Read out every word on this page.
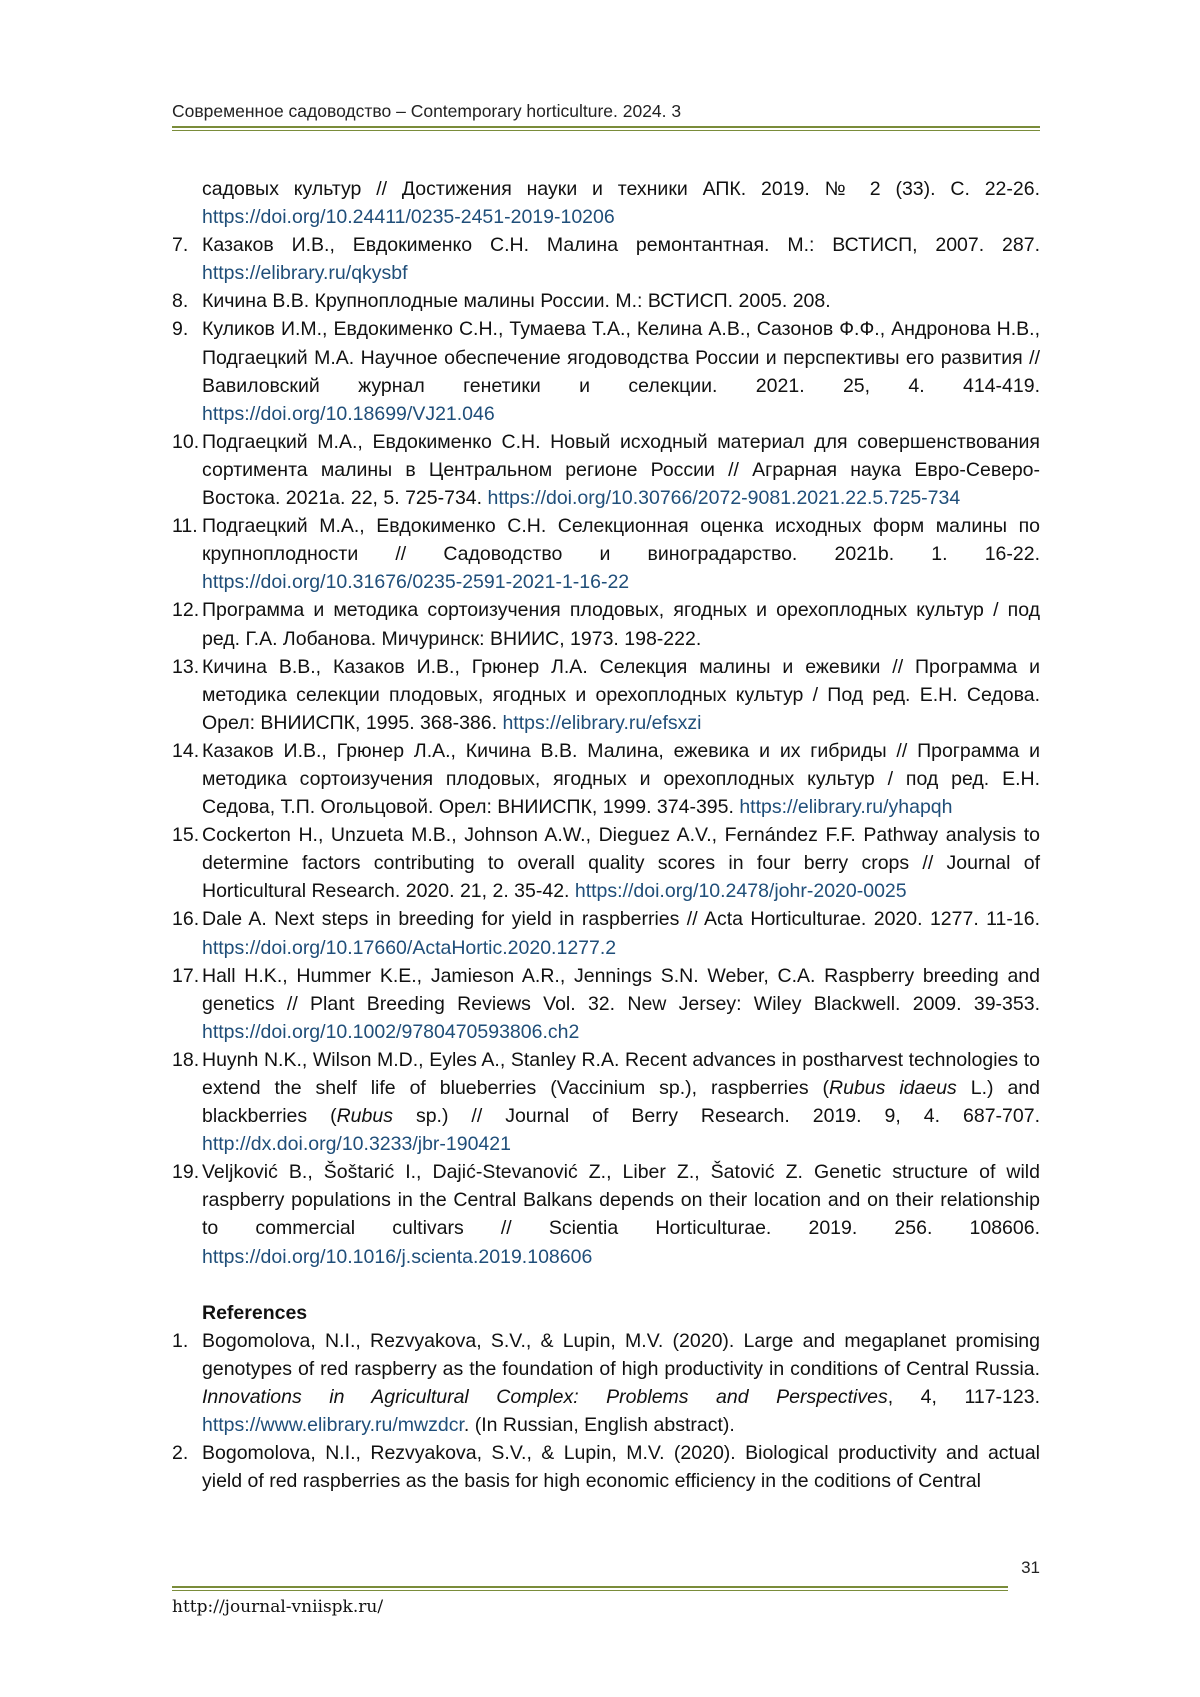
Современное садоводство – Contemporary horticulture. 2024. 3
садовых культур // Достижения науки и техники АПК. 2019. № 2 (33). С. 22-26. https://doi.org/10.24411/0235-2451-2019-10206
7. Казаков И.В., Евдокименко С.Н. Малина ремонтантная. М.: ВСТИСП, 2007. 287. https://elibrary.ru/qkysbf
8. Кичина В.В. Крупноплодные малины России. М.: ВСТИСП. 2005. 208.
9. Куликов И.М., Евдокименко С.Н., Тумаева Т.А., Келина А.В., Сазонов Ф.Ф., Андронова Н.В., Подгаецкий М.А. Научное обеспечение ягодоводства России и перспективы его развития // Вавиловский журнал генетики и селекции. 2021. 25, 4. 414-419. https://doi.org/10.18699/VJ21.046
10. Подгаецкий М.А., Евдокименко С.Н. Новый исходный материал для совершенствования сортимента малины в Центральном регионе России // Аграрная наука Евро-Северо-Востока. 2021a. 22, 5. 725-734. https://doi.org/10.30766/2072-9081.2021.22.5.725-734
11. Подгаецкий М.А., Евдокименко С.Н. Селекционная оценка исходных форм малины по крупноплодности // Садоводство и виноградарство. 2021b. 1. 16-22. https://doi.org/10.31676/0235-2591-2021-1-16-22
12. Программа и методика сортоизучения плодовых, ягодных и орехоплодных культур / под ред. Г.А. Лобанова. Мичуринск: ВНИИС, 1973. 198-222.
13. Кичина В.В., Казаков И.В., Грюнер Л.А. Селекция малины и ежевики // Программа и методика селекции плодовых, ягодных и орехоплодных культур / Под ред. Е.Н. Седова. Орел: ВНИИСПК, 1995. 368-386. https://elibrary.ru/efsxzi
14. Казаков И.В., Грюнер Л.А., Кичина В.В. Малина, ежевика и их гибриды // Программа и методика сортоизучения плодовых, ягодных и орехоплодных культур / под ред. Е.Н. Седова, Т.П. Огольцовой. Орел: ВНИИСПК, 1999. 374-395. https://elibrary.ru/yhapqh
15. Cockerton H., Unzueta M.B., Johnson A.W., Dieguez A.V., Fernández F.F. Pathway analysis to determine factors contributing to overall quality scores in four berry crops // Journal of Horticultural Research. 2020. 21, 2. 35-42. https://doi.org/10.2478/johr-2020-0025
16. Dale A. Next steps in breeding for yield in raspberries // Acta Horticulturae. 2020. 1277. 11-16. https://doi.org/10.17660/ActaHortic.2020.1277.2
17. Hall H.K., Hummer K.E., Jamieson A.R., Jennings S.N. Weber, C.A. Raspberry breeding and genetics // Plant Breeding Reviews Vol. 32. New Jersey: Wiley Blackwell. 2009. 39-353. https://doi.org/10.1002/9780470593806.ch2
18. Huynh N.K., Wilson M.D., Eyles A., Stanley R.A. Recent advances in postharvest technologies to extend the shelf life of blueberries (Vaccinium sp.), raspberries (Rubus idaeus L.) and blackberries (Rubus sp.) // Journal of Berry Research. 2019. 9, 4. 687-707. http://dx.doi.org/10.3233/jbr-190421
19. Veljković B., Šoštarić I., Dajić-Stevanović Z., Liber Z., Šatović Z. Genetic structure of wild raspberry populations in the Central Balkans depends on their location and on their relationship to commercial cultivars // Scientia Horticulturae. 2019. 256. 108606. https://doi.org/10.1016/j.scienta.2019.108606
References
1. Bogomolova, N.I., Rezvyakova, S.V., & Lupin, M.V. (2020). Large and megaplanet promising genotypes of red raspberry as the foundation of high productivity in conditions of Central Russia. Innovations in Agricultural Complex: Problems and Perspectives, 4, 117-123. https://www.elibrary.ru/mwzdcr. (In Russian, English abstract).
2. Bogomolova, N.I., Rezvyakova, S.V., & Lupin, M.V. (2020). Biological productivity and actual yield of red raspberries as the basis for high economic efficiency in the coditions of Central
31
http://journal-vniispk.ru/
